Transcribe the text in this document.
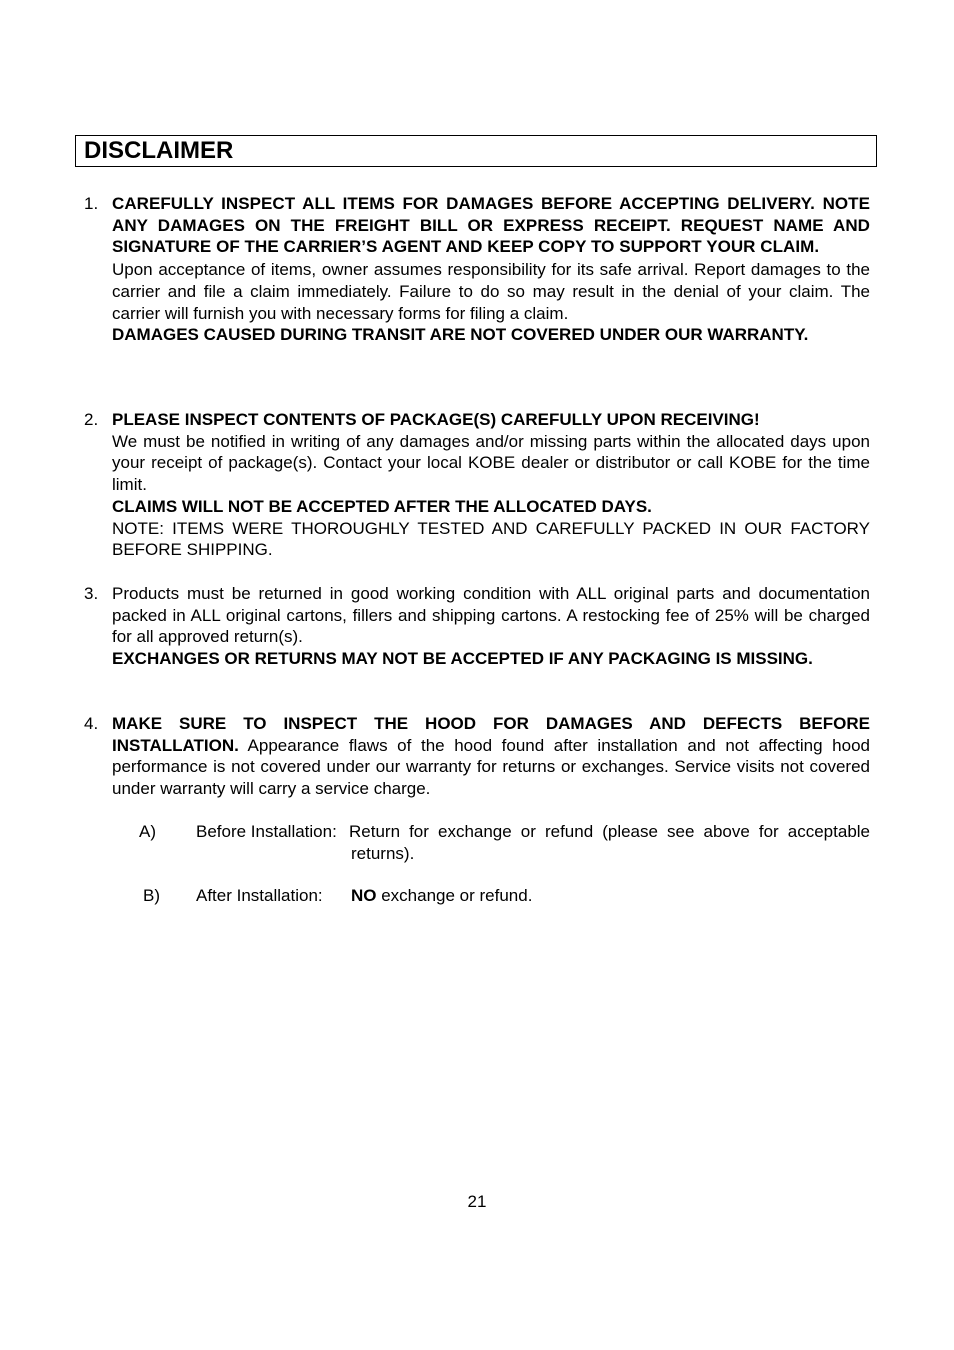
DISCLAIMER
1. CAREFULLY INSPECT ALL ITEMS FOR DAMAGES BEFORE ACCEPTING DELIVERY. NOTE ANY DAMAGES ON THE FREIGHT BILL OR EXPRESS RECEIPT. REQUEST NAME AND SIGNATURE OF THE CARRIER’S AGENT AND KEEP COPY TO SUPPORT YOUR CLAIM.

Upon acceptance of items, owner assumes responsibility for its safe arrival. Report damages to the carrier and file a claim immediately. Failure to do so may result in the denial of your claim. The carrier will furnish you with necessary forms for filing a claim.

DAMAGES CAUSED DURING TRANSIT ARE NOT COVERED UNDER OUR WARRANTY.

2. PLEASE INSPECT CONTENTS OF PACKAGE(S) CAREFULLY UPON RECEIVING!

We must be notified in writing of any damages and/or missing parts within the allocated days upon your receipt of package(s). Contact your local KOBE dealer or distributor or call KOBE for the time limit.

CLAIMS WILL NOT BE ACCEPTED AFTER THE ALLOCATED DAYS.

NOTE: ITEMS WERE THOROUGHLY TESTED AND CAREFULLY PACKED IN OUR FACTORY BEFORE SHIPPING.

3. Products must be returned in good working condition with ALL original parts and documentation packed in ALL original cartons, fillers and shipping cartons. A restocking fee of 25% will be charged for all approved return(s).

EXCHANGES OR RETURNS MAY NOT BE ACCEPTED IF ANY PACKAGING IS MISSING.

4. MAKE SURE TO INSPECT THE HOOD FOR DAMAGES AND DEFECTS BEFORE INSTALLATION. Appearance flaws of the hood found after installation and not affecting hood performance is not covered under our warranty for returns or exchanges. Service visits not covered under warranty will carry a service charge.

A) Before Installation: Return for exchange or refund (please see above for acceptable returns).

B) After Installation: NO exchange or refund.

21
